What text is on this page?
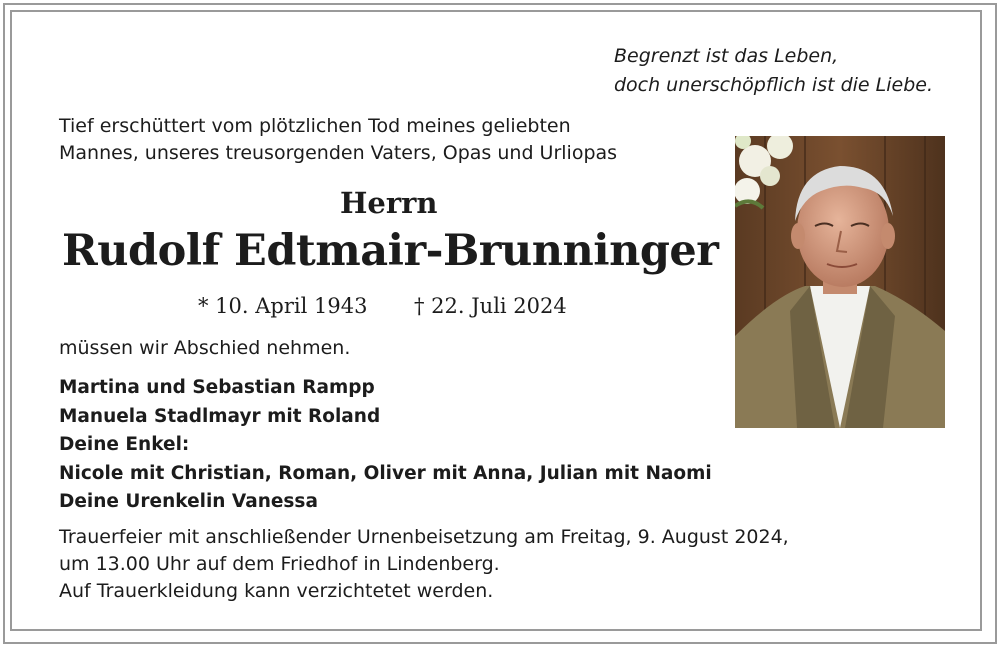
Begrenzt ist das Leben,
doch unerschöpflich ist die Liebe.
Tief erschüttert vom plötzlichen Tod meines geliebten
Mannes, unseres treusorgenden Vaters, Opas und Urliopas
Herrn
Rudolf Edtmair-Brunninger
* 10. April 1943 † 22. Juli 2024
müssen wir Abschied nehmen.
Martina und Sebastian Rampp
Manuela Stadlmayr mit Roland
Deine Enkel:
Nicole mit Christian, Roman, Oliver mit Anna, Julian mit Naomi
Deine Urenkelin Vanessa
Trauerfeier mit anschließender Urnenbeisetzung am Freitag, 9. August 2024,
um 13.00 Uhr auf dem Friedhof in Lindenberg.
Auf Trauerkleidung kann verzichtetet werden.
